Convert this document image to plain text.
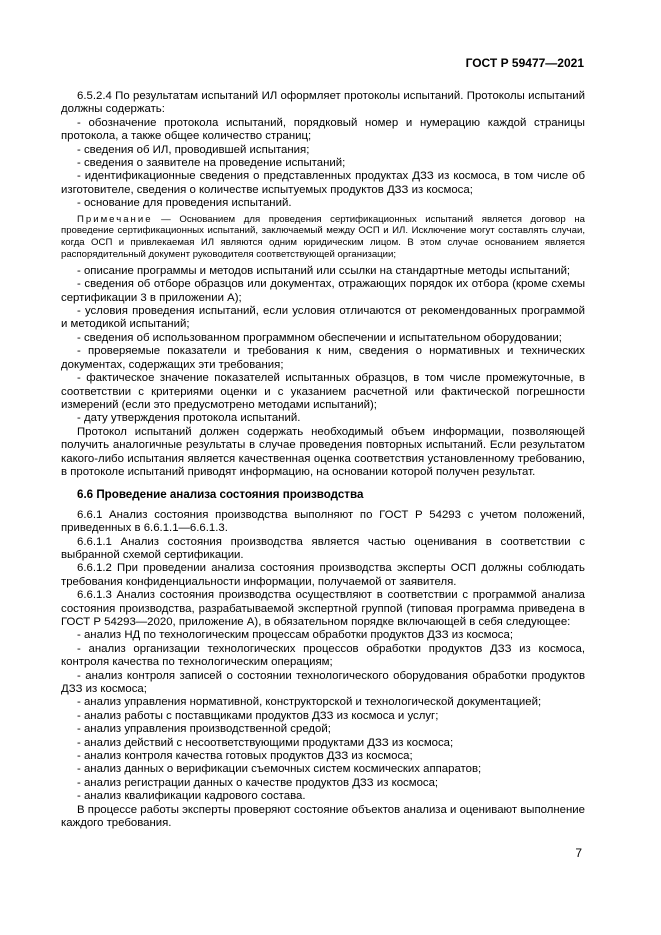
ГОСТ Р 59477—2021

6.5.2.4 По результатам испытаний ИЛ оформляет протоколы испытаний. Протоколы испытаний должны содержать:

- обозначение протокола испытаний, порядковый номер и нумерацию каждой страницы протокола, а также общее количество страниц;

- сведения об ИЛ, проводившей испытания;

- сведения о заявителе на проведение испытаний;

- идентификационные сведения о представленных продуктах ДЗЗ из космоса, в том числе об изготовителе, сведения о количестве испытуемых продуктов ДЗЗ из космоса;

- основание для проведения испытаний.

Примечание — Основанием для проведения сертификационных испытаний является договор на проведение сертификационных испытаний, заключаемый между ОСП и ИЛ. Исключение могут составлять случаи, когда ОСП и привлекаемая ИЛ являются одним юридическим лицом. В этом случае основанием является распорядительный документ руководителя соответствующей организации;

- описание программы и методов испытаний или ссылки на стандартные методы испытаний;

- сведения об отборе образцов или документах, отражающих порядок их отбора (кроме схемы сертификации 3 в приложении А);

- условия проведения испытаний, если условия отличаются от рекомендованных программой и методикой испытаний;

- сведения об использованном программном обеспечении и испытательном оборудовании;

- проверяемые показатели и требования к ним, сведения о нормативных и технических документах, содержащих эти требования;

- фактическое значение показателей испытанных образцов, в том числе промежуточные, в соответствии с критериями оценки и с указанием расчетной или фактической погрешности измерений (если это предусмотрено методами испытаний);

- дату утверждения протокола испытаний.

Протокол испытаний должен содержать необходимый объем информации, позволяющей получить аналогичные результаты в случае проведения повторных испытаний. Если результатом какого-либо испытания является качественная оценка соответствия установленному требованию, в протоколе испытаний приводят информацию, на основании которой получен результат.

6.6 Проведение анализа состояния производства

6.6.1 Анализ состояния производства выполняют по ГОСТ Р 54293 с учетом положений, приведенных в 6.6.1.1—6.6.1.3.

6.6.1.1 Анализ состояния производства является частью оценивания в соответствии с выбранной схемой сертификации.

6.6.1.2 При проведении анализа состояния производства эксперты ОСП должны соблюдать требования конфиденциальности информации, получаемой от заявителя.

6.6.1.3 Анализ состояния производства осуществляют в соответствии с программой анализа состояния производства, разрабатываемой экспертной группой (типовая программа приведена в ГОСТ Р 54293—2020, приложение А), в обязательном порядке включающей в себя следующее:

- анализ НД по технологическим процессам обработки продуктов ДЗЗ из космоса;

- анализ организации технологических процессов обработки продуктов ДЗЗ из космоса, контроля качества по технологическим операциям;

- анализ контроля записей о состоянии технологического оборудования обработки продуктов ДЗЗ из космоса;

- анализ управления нормативной, конструкторской и технологической документацией;

- анализ работы с поставщиками продуктов ДЗЗ из космоса и услуг;

- анализ управления производственной средой;

- анализ действий с несоответствующими продуктами ДЗЗ из космоса;

- анализ контроля качества готовых продуктов ДЗЗ из космоса;

- анализ данных о верификации съемочных систем космических аппаратов;

- анализ регистрации данных о качестве продуктов ДЗЗ из космоса;

- анализ квалификации кадрового состава.

В процессе работы эксперты проверяют состояние объектов анализа и оценивают выполнение каждого требования.

7
